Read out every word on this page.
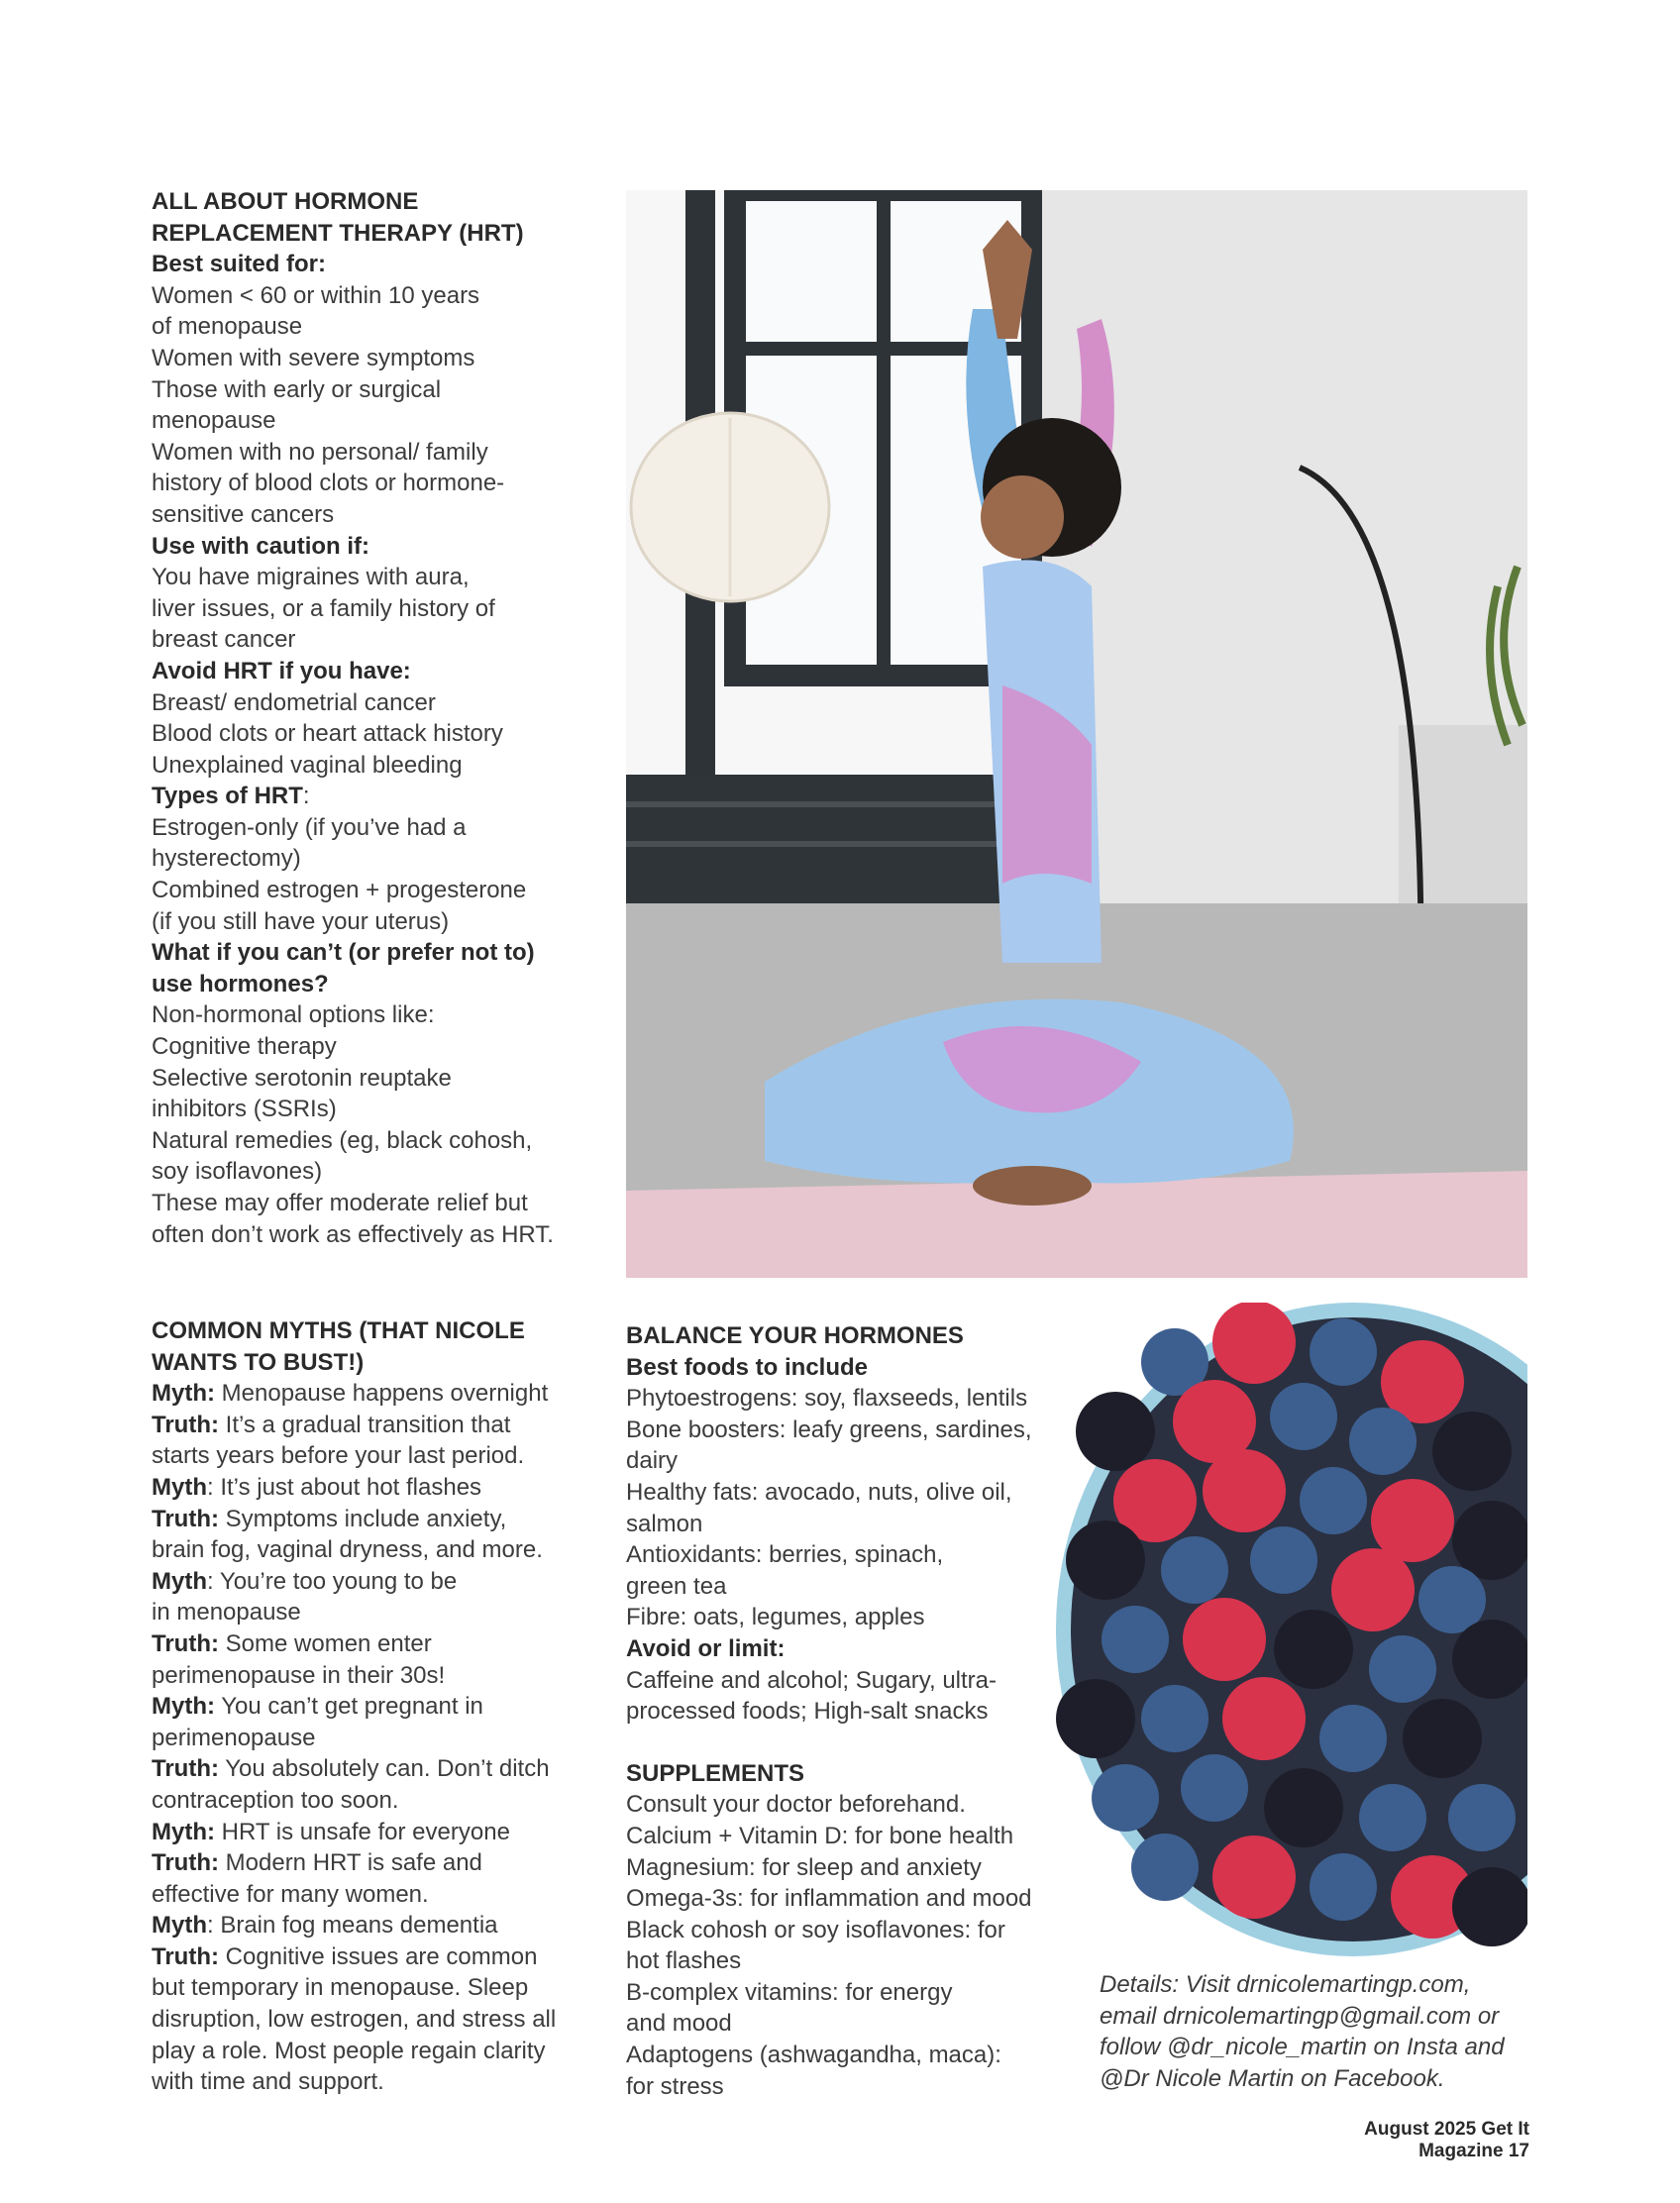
ALL ABOUT HORMONE

REPLACEMENT THERAPY (HRT)

Best suited for:

Women < 60 or within 10 years

of menopause

Women with severe symptoms

Those with early or surgical

menopause

Women with no personal/ family

history of blood clots or hormone-

sensitive cancers

Use with caution if:

You have migraines with aura,

liver issues, or a family history of

breast cancer

Avoid HRT if you have:

Breast/ endometrial cancer

Blood clots or heart attack history

Unexplained vaginal bleeding

Types of HRT:

Estrogen-only (if you’ve had a

hysterectomy)

Combined estrogen + progesterone

(if you still have your uterus)

What if you can’t (or prefer not to)

use hormones?

Non-hormonal options like:

Cognitive therapy

Selective serotonin reuptake

inhibitors (SSRIs)

Natural remedies (eg, black cohosh,

soy isoflavones)

These may offer moderate relief but

often don’t work as effectively as HRT.

COMMON MYTHS (THAT NICOLE

WANTS TO BUST!)

Myth: Menopause happens overnight

Truth: It’s a gradual transition that

starts years before your last period.

Myth: It’s just about hot flashes

Truth: Symptoms include anxiety,

brain fog, vaginal dryness, and more.

Myth: You’re too young to be

in menopause

Truth: Some women enter

perimenopause in their 30s!

Myth: You can’t get pregnant in

perimenopause

Truth: You absolutely can. Don’t ditch

contraception too soon.

Myth: HRT is unsafe for everyone

Truth: Modern HRT is safe and

effective for many women.

Myth: Brain fog means dementia

Truth: Cognitive issues are common

but temporary in menopause. Sleep

disruption, low estrogen, and stress all

play a role. Most people regain clarity

with time and support.

BALANCE YOUR HORMONES

Best foods to include

Phytoestrogens: soy, flaxseeds, lentils

Bone boosters: leafy greens, sardines,

dairy

Healthy fats: avocado, nuts, olive oil,

salmon

Antioxidants: berries, spinach,

green tea

Fibre: oats, legumes, apples

Avoid or limit:

Caffeine and alcohol; Sugary, ultra-

processed foods; High-salt snacks

SUPPLEMENTS

Consult your doctor beforehand.

Calcium + Vitamin D: for bone health

Magnesium: for sleep and anxiety

Omega-3s: for inflammation and mood

Black cohosh or soy isoflavones: for

hot flashes

B-complex vitamins: for energy

and mood

Adaptogens (ashwagandha, maca):

for stress

Details: Visit drnicolemartingp.com,
email drnicolemartingp@gmail.com or
follow @dr_nicole_martin on Insta and
@Dr Nicole Martin on Facebook.
August 2025 Get It Magazine 17
